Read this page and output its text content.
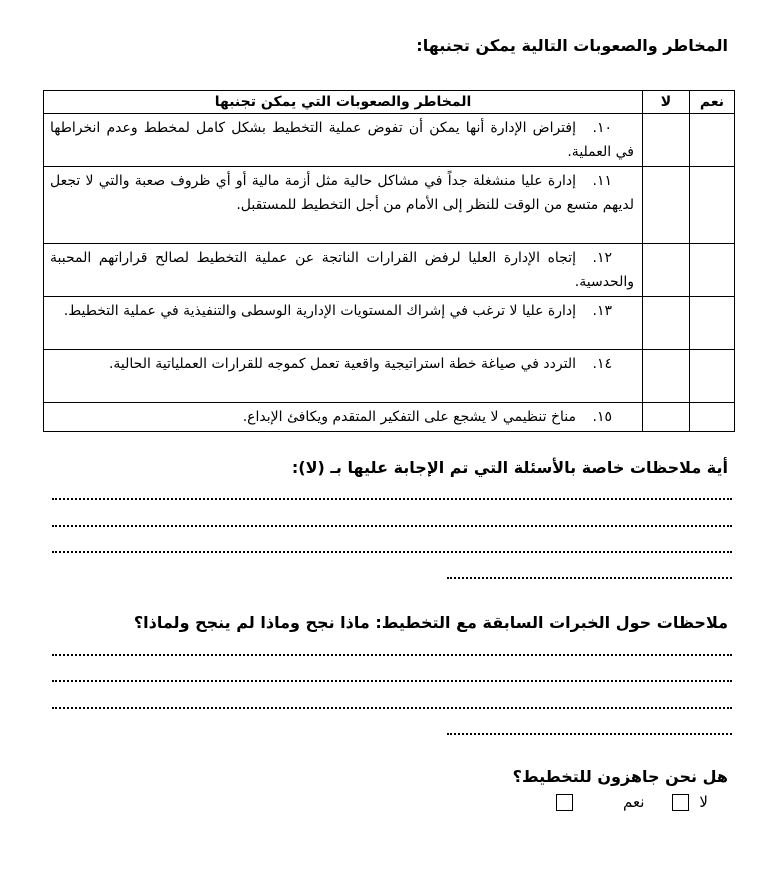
المخاطر والصعوبات التالية يمكن تجنبها:
نعم	لا	المخاطر والصعوبات التي يمكن تجنبها
		١٠.إفتراض الإدارة أنها يمكن أن تفوض عملية التخطيط بشكل كامل لمخطط وعدم انخراطها في العملية.
		١١.إدارة عليا منشغلة جداً في مشاكل حالية مثل أزمة مالية أو أي ظروف صعبة والتي لا تجعل لديهم متسع من الوقت للنظر إلى الأمام من أجل التخطيط للمستقبل.
		١٢.إتجاه الإدارة العليا لرفض القرارات الناتجة عن عملية التخطيط لصالح قراراتهم المحببة والحدسية.
		١٣.إدارة عليا لا ترغب في إشراك المستويات الإدارية الوسطى والتنفيذية في عملية التخطيط.
		١٤.التردد في صياغة خطة استراتيجية واقعية تعمل كموجه للقرارات العملياتية الحالية.
		١٥.مناخ تنظيمي لا يشجع على التفكير المتقدم ويكافئ الإبداع.
أية ملاحظات خاصة بالأسئلة التي تم الإجابة عليها بـ (لا):
ملاحظات حول الخبرات السابقة مع التخطيط: ماذا نجح وماذا لم ينجح ولماذا؟
هل نحن جاهزون للتخطيط؟
لا
نعم
